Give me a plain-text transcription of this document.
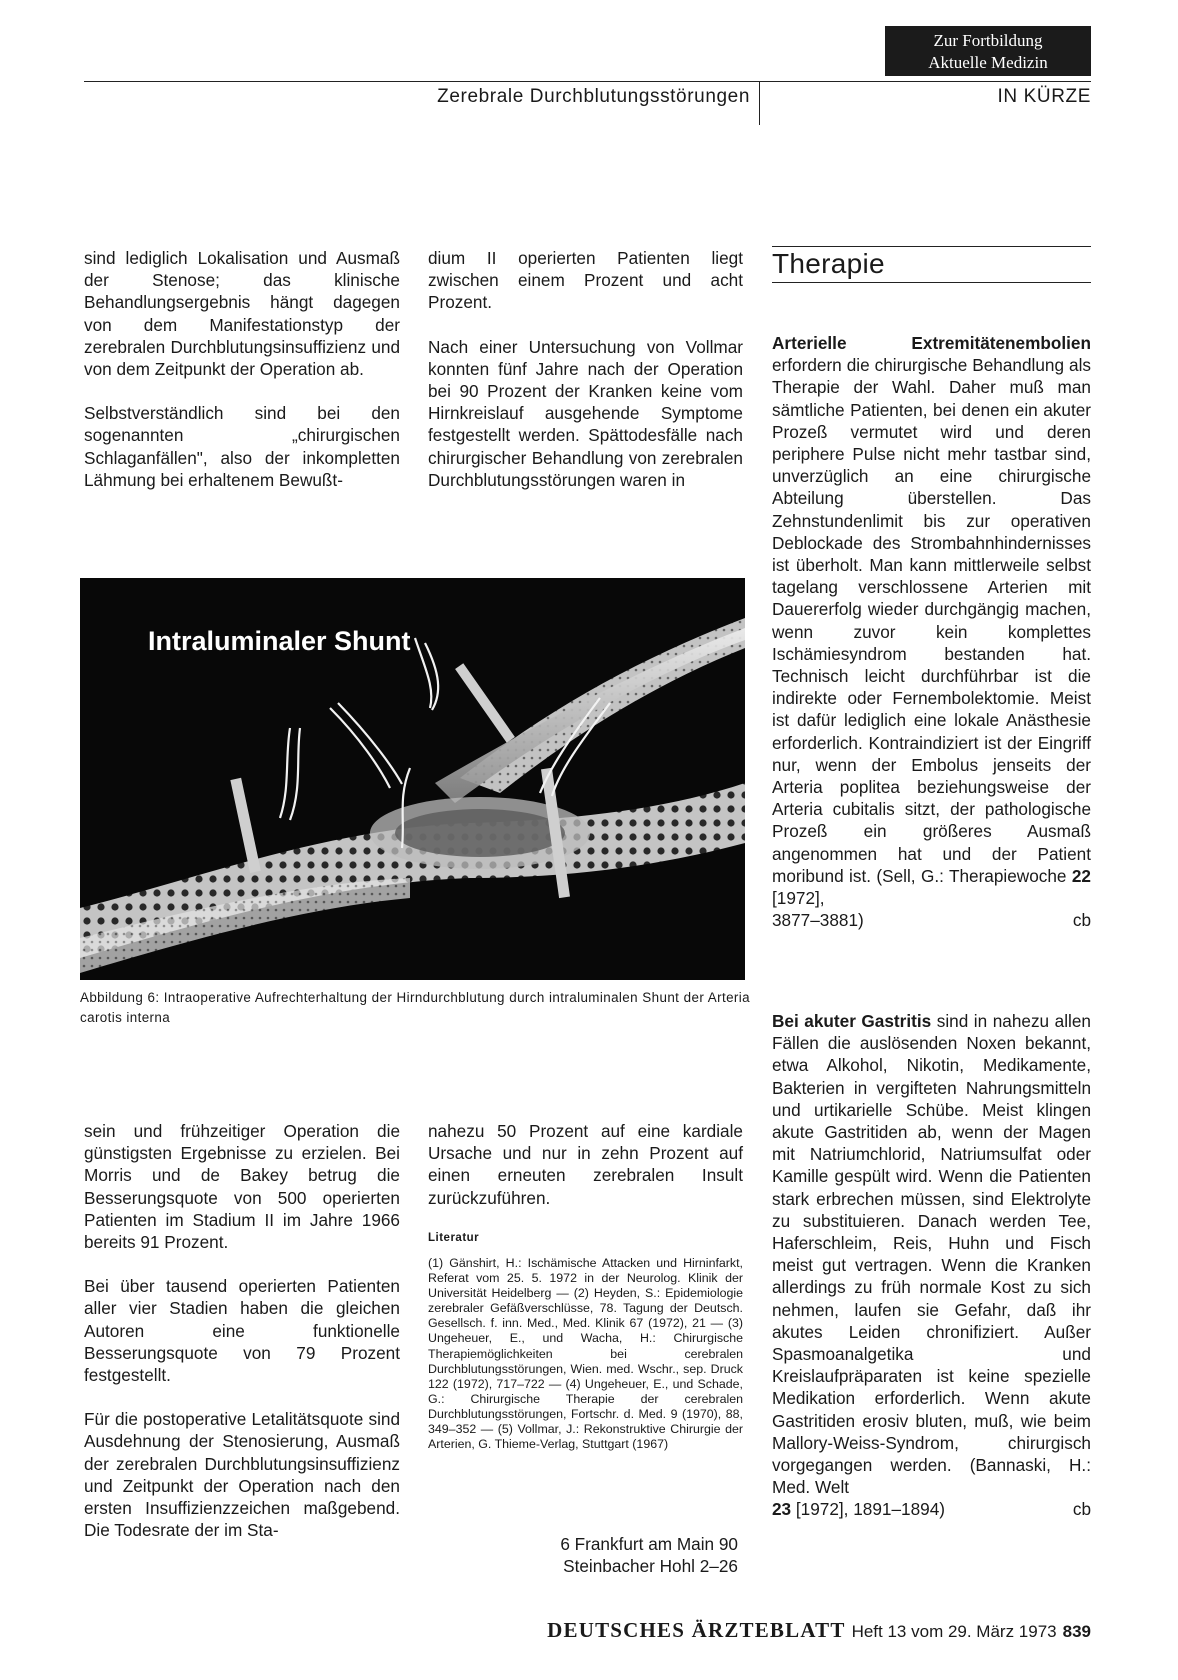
Zur Fortbildung
Aktuelle Medizin
Zerebrale Durchblutungsstörungen	IN KÜRZE

sind lediglich Lokalisation und Ausmaß der Stenose; das klinische Behandlungsergebnis hängt dagegen von dem Manifestationstyp der zerebralen Durchblutungsinsuffizienz und von dem Zeitpunkt der Operation ab.

Selbstverständlich sind bei den sogenannten „chirurgischen Schlaganfällen", also der inkompletten Lähmung bei erhaltenem Bewußt-

dium II operierten Patienten liegt zwischen einem Prozent und acht Prozent.

Nach einer Untersuchung von Vollmar konnten fünf Jahre nach der Operation bei 90 Prozent der Kranken keine vom Hirnkreislauf ausgehende Symptome festgestellt werden. Spättodesfälle nach chirurgischer Behandlung von zerebralen Durchblutungsstörungen waren in

Intraluminaler Shunt
Abbildung 6: Intraoperative Aufrechterhaltung der Hirndurchblutung durch intraluminalen Shunt der Arteria carotis interna

sein und frühzeitiger Operation die günstigsten Ergebnisse zu erzielen. Bei Morris und de Bakey betrug die Besserungsquote von 500 operierten Patienten im Stadium II im Jahre 1966 bereits 91 Prozent.

Bei über tausend operierten Patienten aller vier Stadien haben die gleichen Autoren eine funktionelle Besserungsquote von 79 Prozent festgestellt.

Für die postoperative Letalitätsquote sind Ausdehnung der Stenosierung, Ausmaß der zerebralen Durchblutungsinsuffizienz und Zeitpunkt der Operation nach den ersten Insuffizienzzeichen maßgebend. Die Todesrate der im Sta-

nahezu 50 Prozent auf eine kardiale Ursache und nur in zehn Prozent auf einen erneuten zerebralen Insult zurückzuführen.

Literatur
(1) Gänshirt, H.: Ischämische Attacken und Hirninfarkt, Referat vom 25. 5. 1972 in der Neurolog. Klinik der Universität Heidelberg — (2) Heyden, S.: Epidemiologie zerebraler Gefäßverschlüsse, 78. Tagung der Deutsch. Gesellsch. f. inn. Med., Med. Klinik 67 (1972), 21 — (3) Ungeheuer, E., und Wacha, H.: Chirurgische Therapiemöglichkeiten bei cerebralen Durchblutungsstörungen, Wien. med. Wschr., sep. Druck 122 (1972), 717–722 — (4) Ungeheuer, E., und Schade, G.: Chirurgische Therapie der cerebralen Durchblutungsstörungen, Fortschr. d. Med. 9 (1970), 88, 349–352 — (5) Vollmar, J.: Rekonstruktive Chirurgie der Arterien, G. Thieme-Verlag, Stuttgart (1967)
6 Frankfurt am Main 90
Steinbacher Hohl 2–26
Therapie
Arterielle Extremitätenembolien erfordern die chirurgische Behandlung als Therapie der Wahl. Daher muß man sämtliche Patienten, bei denen ein akuter Prozeß vermutet wird und deren periphere Pulse nicht mehr tastbar sind, unverzüglich an eine chirurgische Abteilung überstellen. Das Zehnstundenlimit bis zur operativen Deblockade des Strombahnhindernisses ist überholt. Man kann mittlerweile selbst tagelang verschlossene Arterien mit Dauererfolg wieder durchgängig machen, wenn zuvor kein komplettes Ischämiesyndrom bestanden hat. Technisch leicht durchführbar ist die indirekte oder Fernembolektomie. Meist ist dafür lediglich eine lokale Anästhesie erforderlich. Kontraindiziert ist der Eingriff nur, wenn der Embolus jenseits der Arteria poplitea beziehungsweise der Arteria cubitalis sitzt, der pathologische Prozeß ein größeres Ausmaß angenommen hat und der Patient moribund ist. (Sell, G.: Therapiewoche 22 [1972],
3877–3881)	cb
Bei akuter Gastritis sind in nahezu allen Fällen die auslösenden Noxen bekannt, etwa Alkohol, Nikotin, Medikamente, Bakterien in vergifteten Nahrungsmitteln und urtikarielle Schübe. Meist klingen akute Gastritiden ab, wenn der Magen mit Natriumchlorid, Natriumsulfat oder Kamille gespült wird. Wenn die Patienten stark erbrechen müssen, sind Elektrolyte zu substituieren. Danach werden Tee, Haferschleim, Reis, Huhn und Fisch meist gut vertragen. Wenn die Kranken allerdings zu früh normale Kost zu sich nehmen, laufen sie Gefahr, daß ihr akutes Leiden chronifiziert. Außer Spasmoanalgetika und Kreislaufpräparaten ist keine spezielle Medikation erforderlich. Wenn akute Gastritiden erosiv bluten, muß, wie beim Mallory-Weiss-Syndrom, chirurgisch vorgegangen werden. (Bannaski, H.: Med. Welt
23 [1972], 1891–1894)	cb
DEUTSCHES ÄRZTEBLATT Heft 13 vom 29. März 1973 839
